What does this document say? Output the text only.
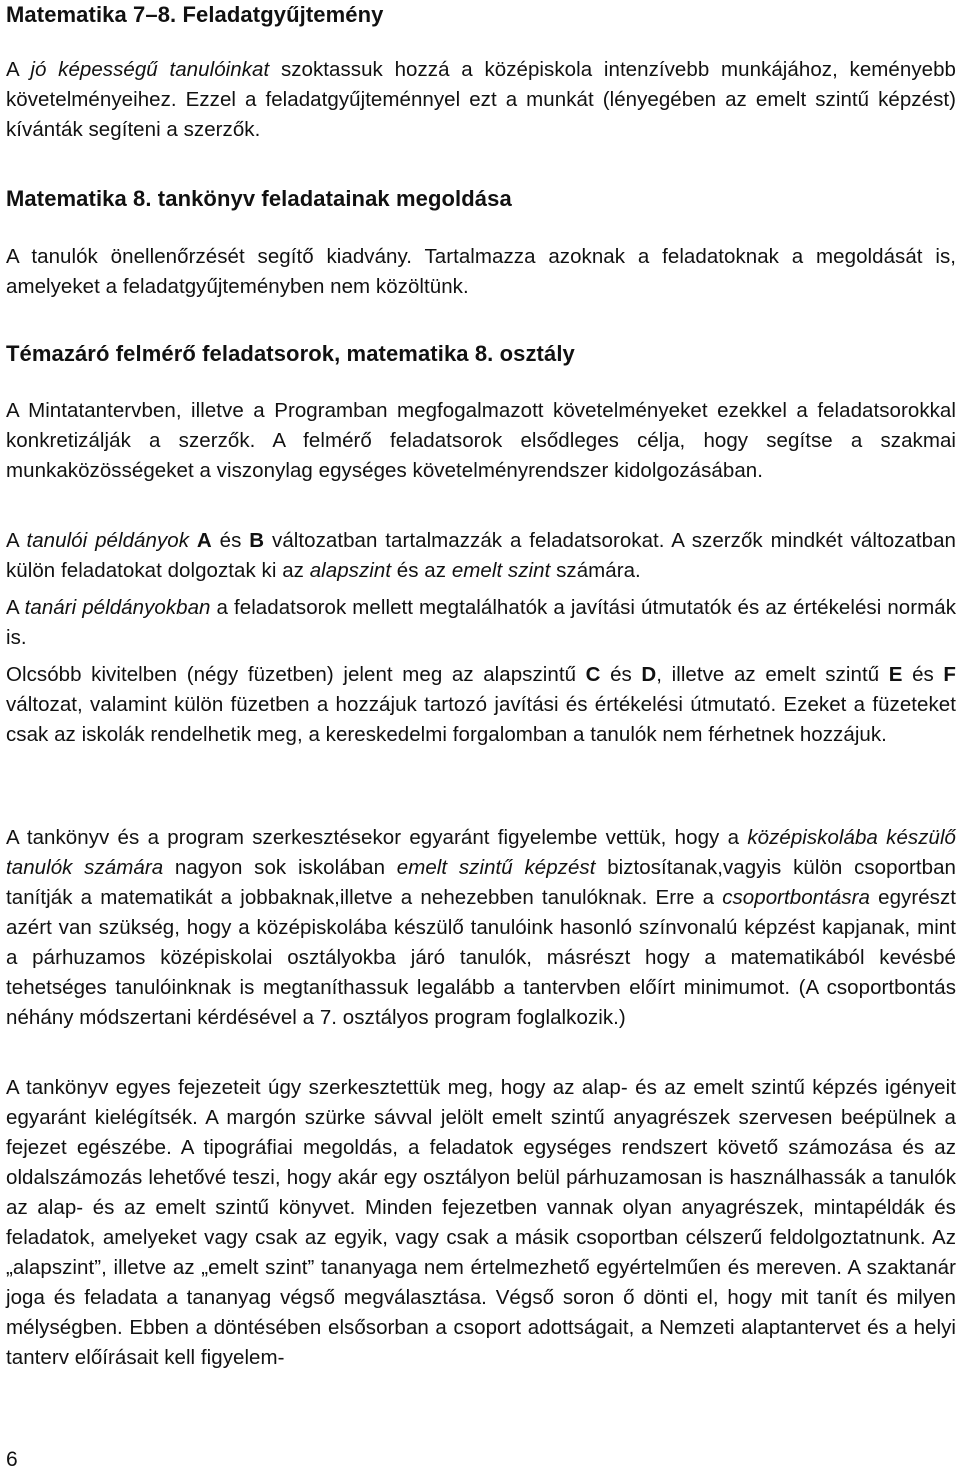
Matematika 7–8. Feladatgyűjtemény

A jó képességű tanulóinkat szoktassuk hozzá a középiskola intenzívebb munkájához, keményebb követelményeihez. Ezzel a feladatgyűjteménnyel ezt a munkát (lényegében az emelt szintű képzést) kívánták segíteni a szerzők.

Matematika 8. tankönyv feladatainak megoldása

A tanulók önellenőrzését segítő kiadvány. Tartalmazza azoknak a feladatoknak a megoldását is, amelyeket a feladatgyűjteményben nem közöltünk.

Témazáró felmérő feladatsorok, matematika 8. osztály

A Mintatantervben, illetve a Programban megfogalmazott követelményeket ezekkel a feladatsorokkal konkretizálják a szerzők. A felmérő feladatsorok elsődleges célja, hogy segítse a szakmai munkaközösségeket a viszonylag egységes követelményrendszer kidolgozásában.

A tanulói példányok A és B változatban tartalmazzák a feladatsorokat. A szerzők mindkét változatban külön feladatokat dolgoztak ki az alapszint és az emelt szint számára.

A tanári példányokban a feladatsorok mellett megtalálhatók a javítási útmutatók és az értékelési normák is.

Olcsóbb kivitelben (négy füzetben) jelent meg az alapszintű C és D, illetve az emelt szintű E és F változat, valamint külön füzetben a hozzájuk tartozó javítási és értékelési útmutató. Ezeket a füzeteket csak az iskolák rendelhetik meg, a kereskedelmi forgalomban a tanulók nem férhetnek hozzájuk.

A tankönyv és a program szerkesztésekor egyaránt figyelembe vettük, hogy a középiskolába készülő tanulók számára nagyon sok iskolában emelt szintű képzést biztosítanak,vagyis külön csoportban tanítják a matematikát a jobbaknak,illetve a nehezebben tanulóknak. Erre a csoportbontásra egyrészt azért van szükség, hogy a középiskolába készülő tanulóink hasonló színvonalú képzést kapjanak, mint a párhuzamos középiskolai osztályokba járó tanulók, másrészt hogy a matematikából kevésbé tehetséges tanulóinknak is megtaníthassuk legalább a tantervben előírt minimumot. (A csoportbontás néhány módszertani kérdésével a 7. osztályos program foglalkozik.)

A tankönyv egyes fejezeteit úgy szerkesztettük meg, hogy az alap- és az emelt szintű képzés igényeit egyaránt kielégítsék. A margón szürke sávval jelölt emelt szintű anyagrészek szervesen beépülnek a fejezet egészébe. A tipográfiai megoldás, a feladatok egységes rendszert követő számozása és az oldalszámozás lehetővé teszi, hogy akár egy osztályon belül párhuzamosan is használhassák a tanulók az alap- és az emelt szintű könyvet. Minden fejezetben vannak olyan anyagrészek, mintapéldák és feladatok, amelyeket vagy csak az egyik, vagy csak a másik csoportban célszerű feldolgoztatnunk. Az „alapszint”, illetve az „emelt szint” tananyaga nem értelmezhető egyértelműen és mereven. A szaktanár joga és feladata a tananyag végső megválasztása. Végső soron ő dönti el, hogy mit tanít és milyen mélységben. Ebben a döntésében elsősorban a csoport adottságait, a Nemzeti alaptantervet és a helyi tanterv előírásait kell figyelem-

6
